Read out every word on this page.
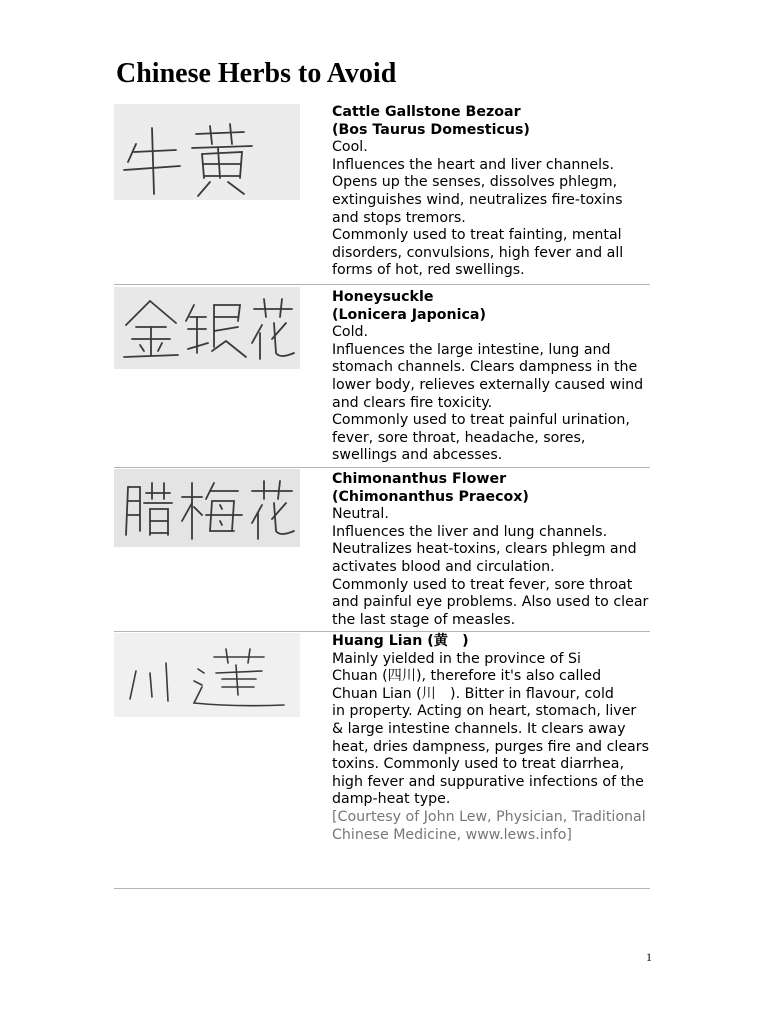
Chinese Herbs to Avoid

Cattle Gallstone Bezoar

(Bos Taurus Domesticus)

Cool.

Influences the heart and liver channels. Opens up the senses, dissolves phlegm, extinguishes wind, neutralizes fire-toxins and stops tremors.

Commonly used to treat fainting, mental disorders, convulsions, high fever and all forms of hot, red swellings.

Honeysuckle

(Lonicera Japonica)

Cold.

Influences the large intestine, lung and stomach channels. Clears dampness in the lower body, relieves externally caused wind and clears fire toxicity.

Commonly used to treat painful urination, fever, sore throat, headache, sores, swellings and abcesses.

Chimonanthus Flower

(Chimonanthus Praecox)

Neutral.

Influences the liver and lung channels. Neutralizes heat-toxins, clears phlegm and activates blood and circulation.

Commonly used to treat fever, sore throat and painful eye problems. Also used to clear the last stage of measles.

Huang Lian (黄　)

Mainly yielded in the province of Si

Chuan (四川), therefore it's also called

Chuan Lian (川　). Bitter in flavour, cold

in property. Acting on heart, stomach, liver & large intestine channels. It clears away heat, dries dampness, purges fire and clears toxins. Commonly used to treat diarrhea, high fever and suppurative infections of the damp-heat type.

[Courtesy of John Lew, Physician, Traditional Chinese Medicine, www.lews.info]

1
